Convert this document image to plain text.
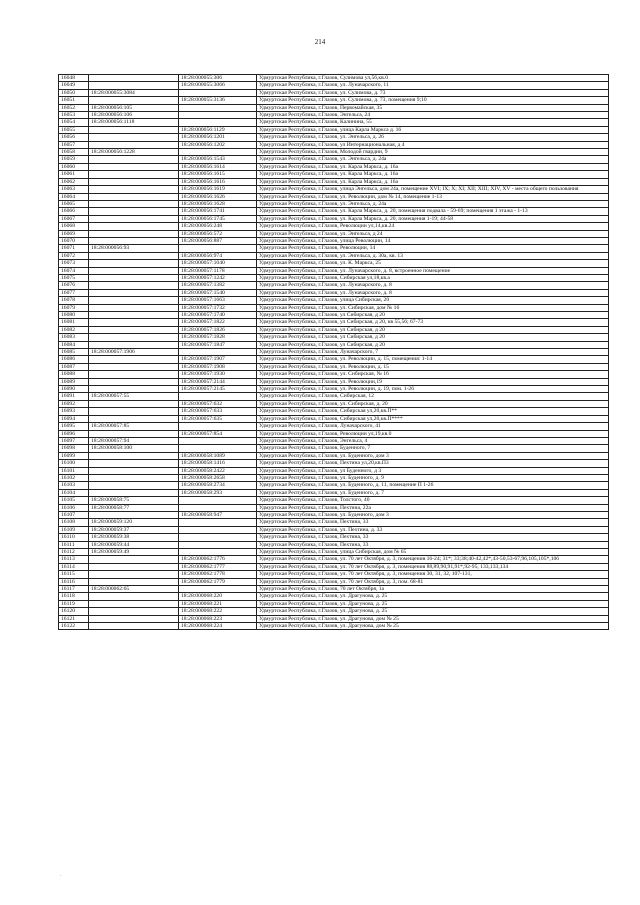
214
16048		18:28:000055:306	Удмуртская Республика, г.Глазов, Сулимова ул,56,кв.0
16049		18:28:000055:3066	Удмуртская Республика, г.Глазов, ул. Луначарского, 11
16050	18:28:000055:3084		Удмуртская Республика, г.Глазов, ул. Сулимова, д. 73
16051		18:28:000055:3136	Удмуртская Республика, г.Глазов, ул. Сулимова, д. 73, помещения 9;10
16052	18:28:000056:105		Удмуртская Республика, г.Глазов, Первомайская, 35
16053	18:28:000056:106		Удмуртская Республика, г.Глазов, Энгельса, 24
16054	18:28:000056:1118		Удмуртская Республика, г.Глазов, Калинина, 55
16055		18:28:000056:1129	Удмуртская Республика, г.Глазов, улица Карла Маркса д. 16
16056		18:28:000056:1201	Удмуртская Республика, г.Глазов, ул. Энгельса, д. 26
16057		18:28:000056:1202	Удмуртская Республика, г.Глазов, ул Интернациональная, д 4
16058	18:28:000056:1228		Удмуртская Республика, г.Глазов, Молодой гвардии, 9
16059		18:28:000056:1543	Удмуртская Республика, г.Глазов, ул. Энгельса, д. 24а
16060		18:28:000056:1614	Удмуртская Республика, г.Глазов, ул. Карла Маркса, д. 16а
16061		18:28:000056:1615	Удмуртская Республика, г.Глазов, ул. Карла Маркса, д. 16а
16062		18:28:000056:1616	Удмуртская Республика, г.Глазов, ул. Карла Маркса, д. 16а
16063		18:28:000056:1619	Удмуртская Республика, г.Глазов, улица Энгельса, дом 24а, помещение XVI; IX; X; XI; XII; XIII; XIV, XV - места общего пользования
16064		18:28:000056:1626	Удмуртская Республика, г.Глазов, ул. Революции, дом № 14, помещение 1-13
16065		18:28:000056:1628	Удмуртская Республика, г.Глазов, ул. Энгельса, д. 24а
16066		18:28:000056:1741	Удмуртская Республика, г.Глазов, ул. Карла Маркса, д. 20, помещения подвала - 59-69; помещения 1 этажа - 1-13
16067		18:28:000056:1745	Удмуртская Республика, г.Глазов, ул. Карла Маркса, д. 20, помещения 1-19; 44-58
16068		18:28:000056:248	Удмуртская Республика, г.Глазов, Революции ул,14,кв.24
16069		18:28:000056:572	Удмуртская Республика, г.Глазов, ул. Энгельса, д 24
16070		18:28:000056:887	Удмуртская Республика, г.Глазов, улица Революции, 14
16071	18:28:000056:93		Удмуртская Республика, г.Глазов, Революции, 14
16072		18:28:000056:974	Удмуртская Республика, г.Глазов, ул. Энгельса, д. 30а, кв. 13
16073		18:28:000057:1040	Удмуртская Республика, г.Глазов, ул. К. Маркса, 25
16074		18:28:000057:1178	Удмуртская Республика, г.Глазов, ул. Луначарского, д. 8, встроенное помещение
16075		18:28:000057:1242	Удмуртская Республика, г.Глазов, Сибирская ул,18,кв.а
16076		18:28:000057:1382	Удмуртская Республика, г.Глазов, ул. Луначарского, д. 8
16077		18:28:000057:1540	Удмуртская Республика, г.Глазов, ул. Луначарского, д. 8
16078		18:28:000057:1663	Удмуртская Республика, г.Глазов, улица Сибирская, 20
16079		18:28:000057:1732	Удмуртская Республика, г.Глазов, ул. Сибирская, дом № 16
16080		18:28:000057:1740	Удмуртская Республика, г.Глазов, ул Сибирская, д 20
16081		18:28:000057:1822	Удмуртская Республика, г.Глазов, ул Сибирская, д 20, кв 55,56; 67-73
16082		18:28:000057:1826	Удмуртская Республика, г.Глазов, ул Сибирская, д 20
16083		18:28:000057:1828	Удмуртская Республика, г.Глазов, ул Сибирская, д 20
16084		18:28:000057:1847	Удмуртская Республика, г.Глазов, ул Сибирская, д 20
16085	18:28:000057:1906		Удмуртская Республика, г.Глазов, Луначарского, 7
16086		18:28:000057:1907	Удмуртская Республика, г.Глазов, ул. Революции, д. 15, помещения: 1-14
16087		18:28:000057:1908	Удмуртская Республика, г.Глазов, ул. Революции, д. 15
16088		18:28:000057:1930	Удмуртская Республика, г.Глазов, ул. Сибирская, № 16
16089		18:28:000057:2144	Удмуртская Республика, г.Глазов, ул. Революции,19
16090		18:28:000057:2145	Удмуртская Республика, г.Глазов, ул. Революции, д. 19, пом. 1-26
16091	18:28:000057:55		Удмуртская Республика, г.Глазов, Сибирская, 12
16092		18:28:000057:632	Удмуртская Республика, г.Глазов, ул. Сибирская, д. 20
16093		18:28:000057:633	Удмуртская Республика, г.Глазов, Сибирская ул,20,кв.П**
16094		18:28:000057:635	Удмуртская Республика, г.Глазов, Сибирская ул,20,кв.П****
16095	18:28:000057:85		Удмуртская Республика, г.Глазов, Луначарского, 41
16096		18:28:000057:854	Удмуртская Республика, г.Глазов, Революции ул,19,кв.0
16097	18:28:000057:94		Удмуртская Республика, г.Глазов, Энгельса, 4
16098	18:28:000058:100		Удмуртская Республика, г.Глазов, Буденного, 7
16099		18:28:000058:1089	Удмуртская Республика, г.Глазов, ул. Буденного, дом 3
16100		18:28:000058:1416	Удмуртская Республика, г.Глазов, Пехтина ул,20,кв.П3
16101		18:28:000058:2422	Удмуртская Республика, г.Глазов, ул Буденного, д 3
16102		18:28:000058:2658	Удмуртская Республика, г.Глазов, ул. Буденного, д. 9
16103		18:28:000058:2734	Удмуртская Республика, г.Глазов, ул. Буденного, д. 11, помещение П 1-26
16104		18:28:000058:293	Удмуртская Республика, г.Глазов, ул. Буденного, д. 7
16105	18:28:000058:75		Удмуртская Республика, г.Глазов, Толстого, 40
16106	18:28:000058:77		Удмуртская Республика, г.Глазов, Пехтина, 22а
16107		18:28:000058:947	Удмуртская Республика, г.Глазов, ул. Буденного, дом 3
16108	18:28:000059:120		Удмуртская Республика, г.Глазов, Пехтина, 33
16109	18:28:000059:37		Удмуртская Республика, г.Глазов, ул. Пехтина, д. 33
16110	18:28:000059:38		Удмуртская Республика, г.Глазов, Пехтина, 33
16111	18:28:000059:44		Удмуртская Республика, г.Глазов, Пехтина, 33
16112	18:28:000059:49		Удмуртская Республика, г.Глазов, улица Сибирская, дом № 65
16113		18:28:000062:1776	Удмуртская Республика, г.Глазов, ул. 70 лет Октября, д. 3, помещения 16-24; 31*; 33;38;40-42,42*,43-50,53-67,96,105,105*,106
16114		18:28:000062:1777	Удмуртская Республика, г.Глазов, ул. 70 лет Октября, д. 3, помещения 88,89,90,91,91*,92-95, 133,133,134
16115		18:28:000062:1778	Удмуртская Республика, г.Глазов, ул. 70 лет Октября, д. 3, помещения 30, 31, 32, 107-131,
16116		18:28:000062:1779	Удмуртская Республика, г.Глазов, ул. 70 лет Октября, д. 3, пом. 68-81
16117	18:28:000062:65		Удмуртская Республика, г.Глазов, 70 лет Октября, 1а
16118		18:28:000068:220	Удмуртская Республика, г.Глазов, ул. Драгунова, д. 25
16119		18:28:000068:221	Удмуртская Республика, г.Глазов, ул. Драгунова, д. 25
16120		18:28:000068:222	Удмуртская Республика, г.Глазов, ул. Драгунова, д. 25
16121		18:28:000068:223	Удмуртская Республика, г.Глазов, ул. Драгунова, дом № 25
16122		18:28:000068:224	Удмуртская Республика, г.Глазов, ул. Драгунова, дом № 25
.
